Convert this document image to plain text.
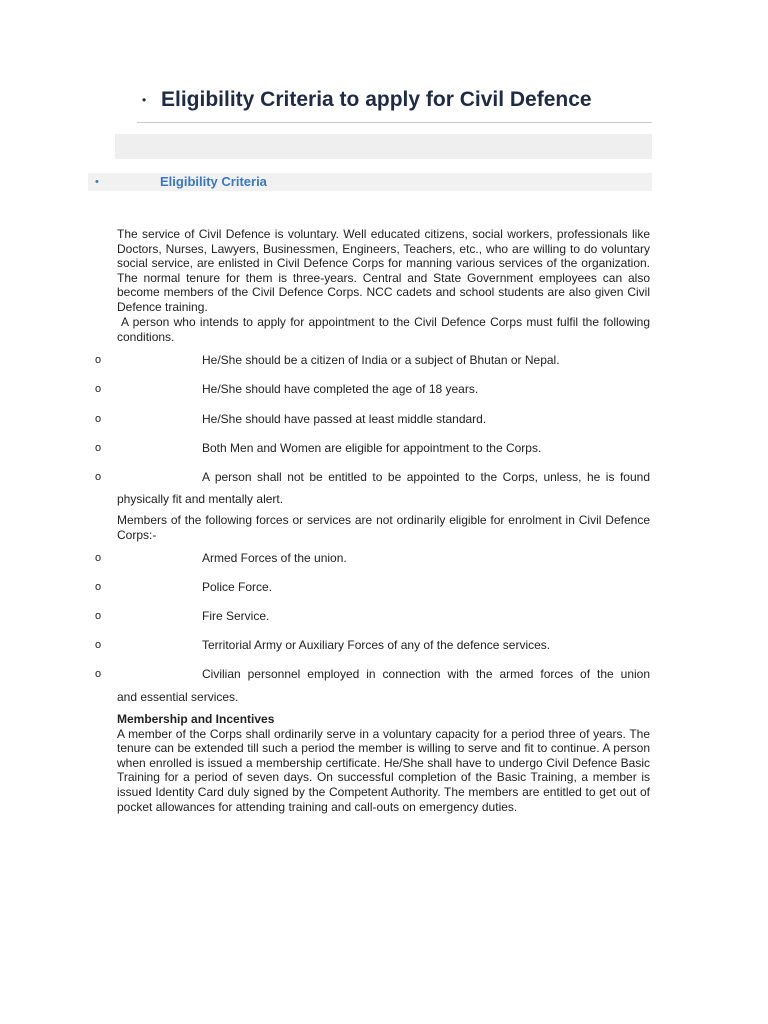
• Eligibility Criteria to apply for Civil Defence
•	Eligibility Criteria

The service of Civil Defence is voluntary. Well educated citizens, social workers, professionals like Doctors, Nurses, Lawyers, Businessmen, Engineers, Teachers, etc., who are willing to do voluntary social service, are enlisted in Civil Defence Corps for manning various services of the organization. The normal tenure for them is three-years. Central and State Government employees can also become members of the Civil Defence Corps. NCC cadets and school students are also given Civil Defence training.

A person who intends to apply for appointment to the Civil Defence Corps must fulfil the following conditions.

o	He/She should be a citizen of India or a subject of Bhutan or Nepal.
o	He/She should have completed the age of 18 years.
o	He/She should have passed at least middle standard.
o	Both Men and Women are eligible for appointment to the Corps.
o	A person shall not be entitled to be appointed to the Corps, unless, he is found
physically fit and mentally alert.

Members of the following forces or services are not ordinarily eligible for enrolment in Civil Defence Corps:-

o	Armed Forces of the union.
o	Police Force.
o	Fire Service.
o	Territorial Army or Auxiliary Forces of any of the defence services.
o	Civilian personnel employed in connection with the armed forces of the union
and essential services.
Membership and Incentives
A member of the Corps shall ordinarily serve in a voluntary capacity for a period three of years. The tenure can be extended till such a period the member is willing to serve and fit to continue. A person when enrolled is issued a membership certificate. He/She shall have to undergo Civil Defence Basic Training for a period of seven days. On successful completion of the Basic Training, a member is issued Identity Card duly signed by the Competent Authority. The members are entitled to get out of pocket allowances for attending training and call-outs on emergency duties.
